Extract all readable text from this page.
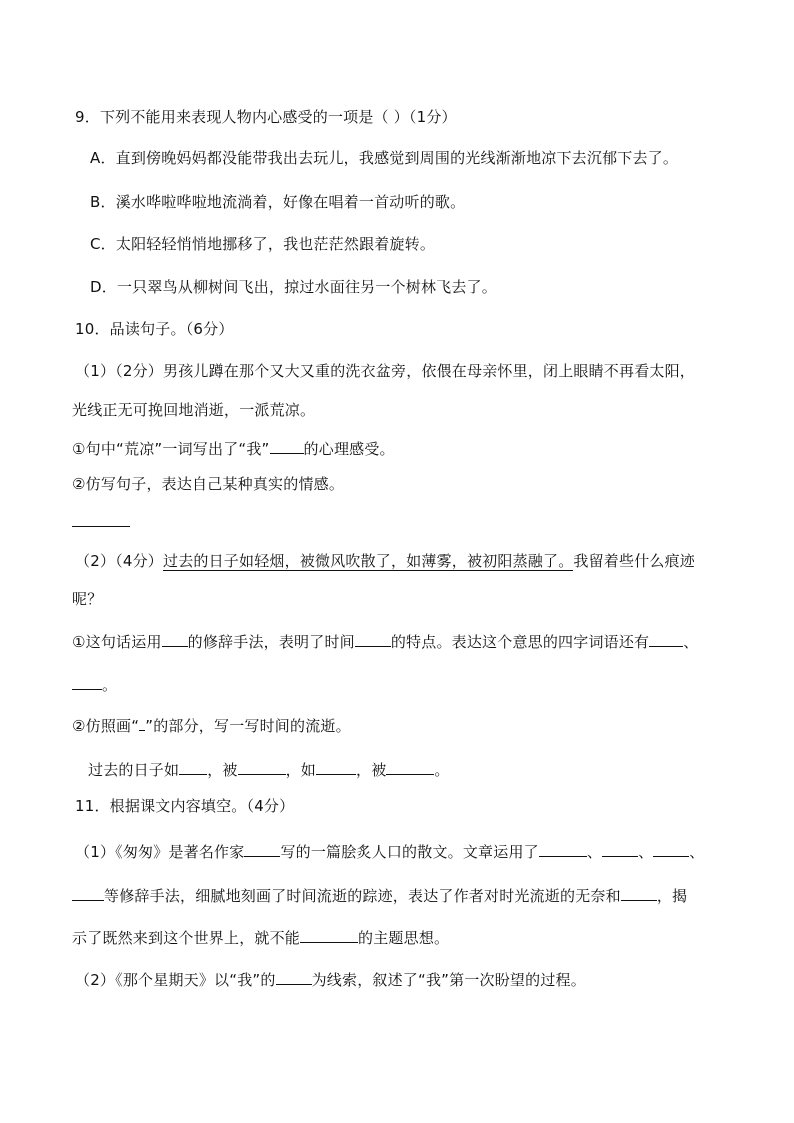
9．下列不能用来表现人物内心感受的一项是（ ）（1分）
A．直到傍晚妈妈都没能带我出去玩儿，我感觉到周围的光线渐渐地凉下去沉郁下去了。
B．溪水哗啦哗啦地流淌着，好像在唱着一首动听的歌。
C．太阳轻轻悄悄地挪移了，我也茫茫然跟着旋转。
D．一只翠鸟从柳树间飞出，掠过水面往另一个树林飞去了。
10．品读句子。（6分）
（1）（2分）男孩儿蹲在那个又大又重的洗衣盆旁，依偎在母亲怀里，闭上眼睛不再看太阳，
光线正无可挽回地消逝，一派荒凉。
①句中“荒凉”一词写出了“我” 的心理感受。
②仿写句子，表达自己某种真实的情感。
（2）（4分）过去的日子如轻烟，被微风吹散了，如薄雾，被初阳蒸融了。我留着些什么痕迹
呢？
①这句话运用 的修辞手法，表明了时间 的特点。表达这个意思的四字词语还有 、
。
②仿照画“ ”的部分，写一写时间的流逝。
过去的日子如 ，被	，如	，被	。
11．根据课文内容填空。（4分）
（1）《匆匆》是著名作家 写的一篇脍炙人口的散文。文章运用了	、 、 、
等修辞手法，细腻地刻画了时间流逝的踪迹，表达了作者对时光流逝的无奈和 ，揭
示了既然来到这个世界上，就不能	的主题思想。
（2）《那个星期天》以“我”的 为线索，叙述了“我”第一次盼望的过程。
